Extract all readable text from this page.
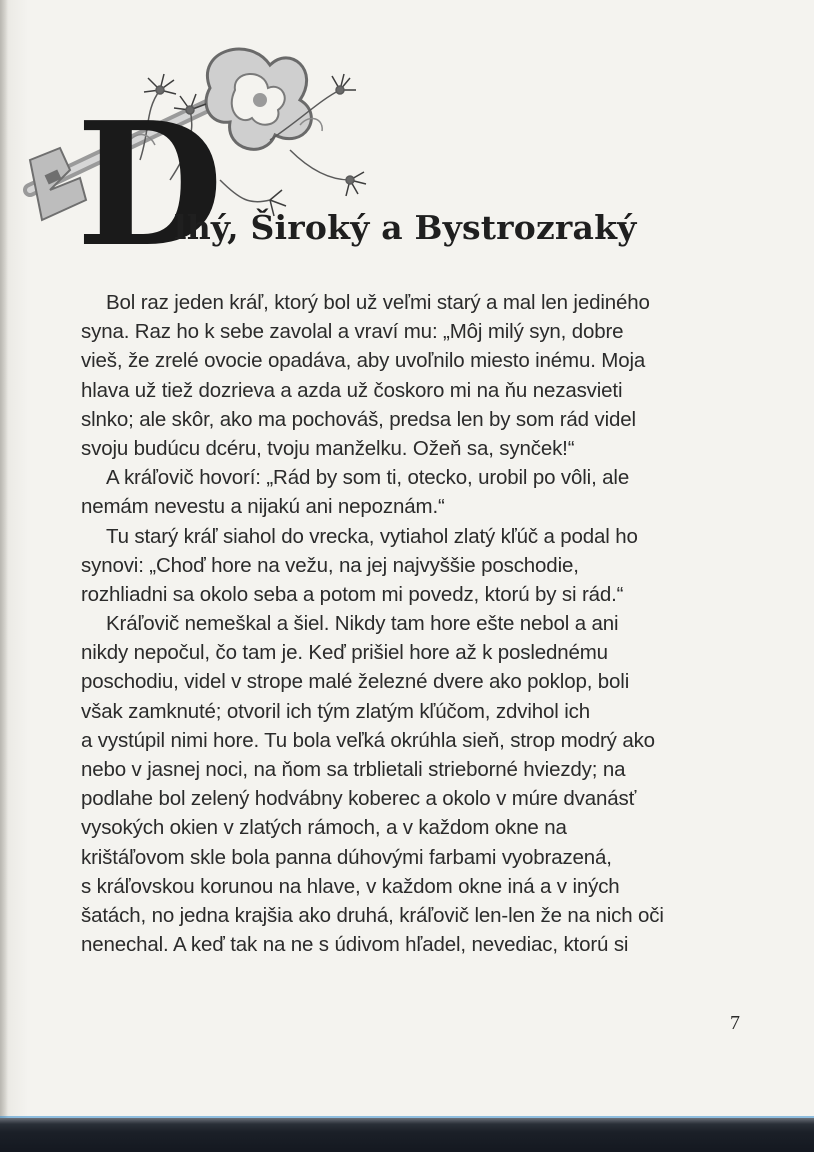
D
lhý, Široký a Bystrozraký
Bol raz jeden kráľ, ktorý bol už veľmi starý a mal len jediného
syna. Raz ho k sebe zavolal a vraví mu: „Môj milý syn, dobre
vieš, že zrelé ovocie opadáva, aby uvoľnilo miesto inému. Moja
hlava už tiež dozrieva a azda už čoskoro mi na ňu nezasvieti
slnko; ale skôr, ako ma pochováš, predsa len by som rád videl
svoju budúcu dcéru, tvoju manželku. Ožeň sa, synček!“
A kráľovič hovorí: „Rád by som ti, otecko, urobil po vôli, ale
nemám nevestu a nijakú ani nepoznám.“
Tu starý kráľ siahol do vrecka, vytiahol zlatý kľúč a podal ho
synovi: „Choď hore na vežu, na jej najvyššie poschodie,
rozhliadni sa okolo seba a potom mi povedz, ktorú by si rád.“
Kráľovič nemeškal a šiel. Nikdy tam hore ešte nebol a ani
nikdy nepočul, čo tam je. Keď prišiel hore až k poslednému
poschodiu, videl v strope malé železné dvere ako poklop, boli
však zamknuté; otvoril ich tým zlatým kľúčom, zdvihol ich
a vystúpil nimi hore. Tu bola veľká okrúhla sieň, strop modrý ako
nebo v jasnej noci, na ňom sa trblietali strieborné hviezdy; na
podlahe bol zelený hodvábny koberec a okolo v múre dvanásť
vysokých okien v zlatých rámoch, a v každom okne na
krištáľovom skle bola panna dúhovými farbami vyobrazená,
s kráľovskou korunou na hlave, v každom okne iná a v iných
šatách, no jedna krajšia ako druhá, kráľovič len-len že na nich oči
nenechal. A keď tak na ne s údivom hľadel, nevediac, ktorú si
7
